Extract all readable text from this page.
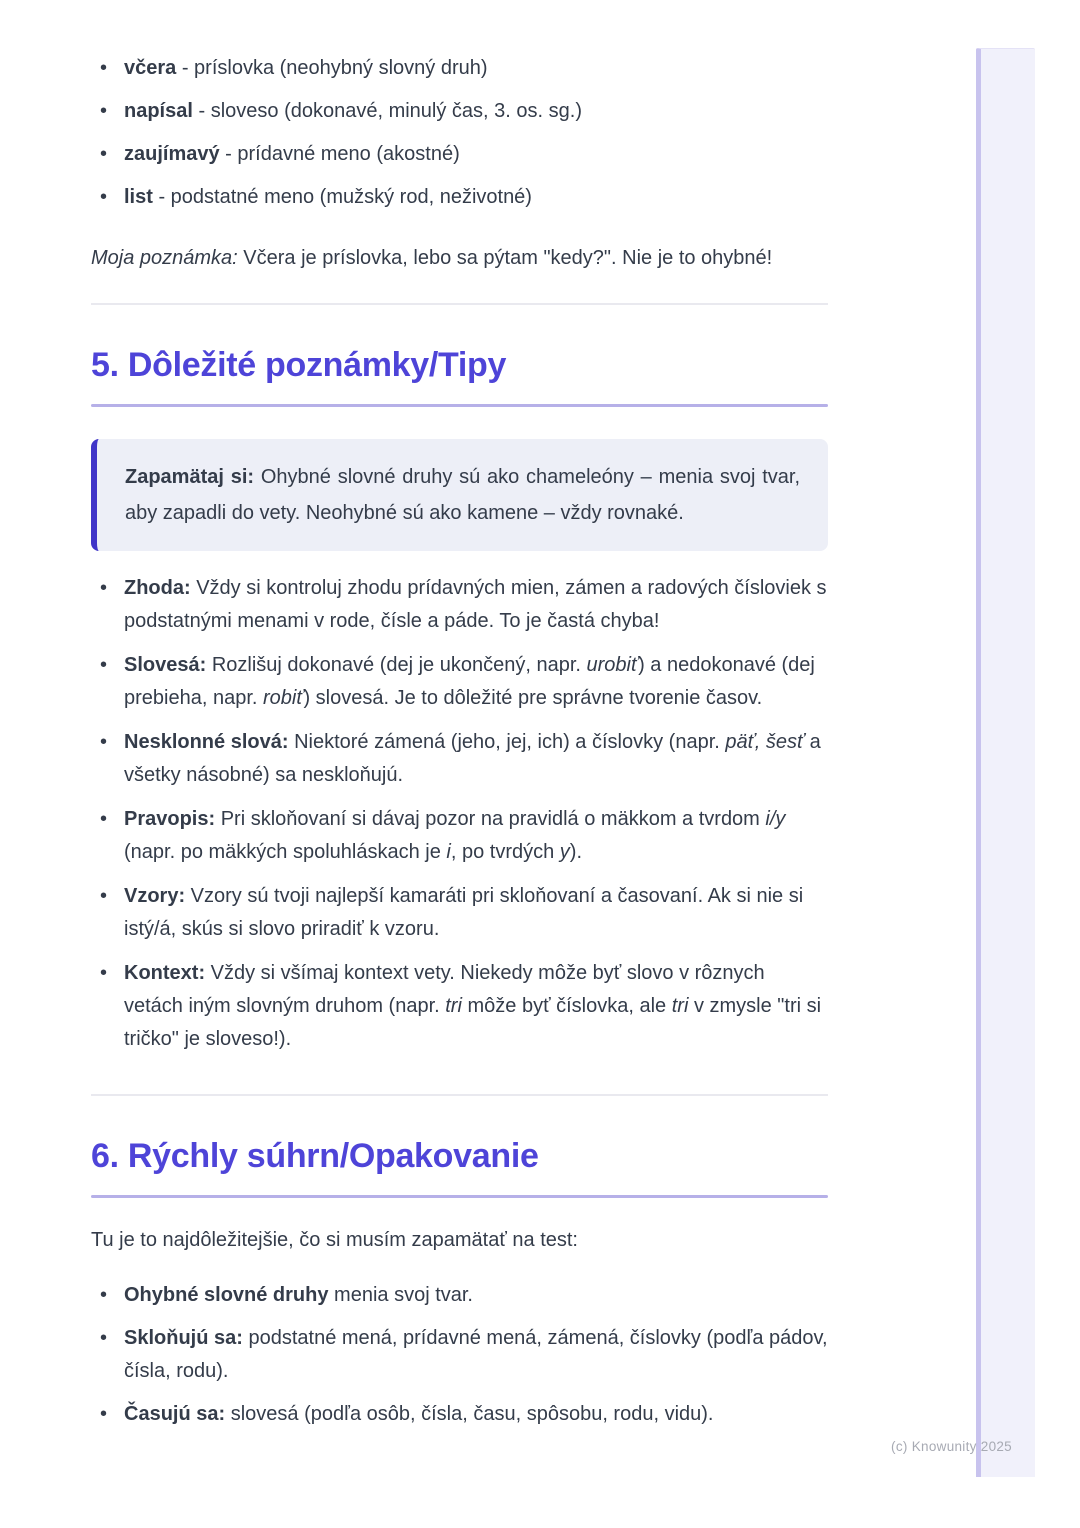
• včera - príslovka (neohybný slovný druh)
• napísal - sloveso (dokonavé, minulý čas, 3. os. sg.)
• zaujímavý - prídavné meno (akostné)
• list - podstatné meno (mužský rod, neživotné)

Moja poznámka: Včera je príslovka, lebo sa pýtam "kedy?". Nie je to ohybné!

5. Dôležité poznámky/Tipy

Zapamätaj si: Ohybné slovné druhy sú ako chameleóny – menia svoj tvar, aby zapadli do vety. Neohybné sú ako kamene – vždy rovnaké.

• Zhoda: Vždy si kontroluj zhodu prídavných mien, zámen a radových čísloviek s podstatnými menami v rode, čísle a páde. To je častá chyba!
• Slovesá: Rozlišuj dokonavé (dej je ukončený, napr. urobiť) a nedokonavé (dej prebieha, napr. robiť) slovesá. Je to dôležité pre správne tvorenie časov.
• Nesklonné slová: Niektoré zámená (jeho, jej, ich) a číslovky (napr. päť, šesť a všetky násobné) sa neskloňujú.
• Pravopis: Pri skloňovaní si dávaj pozor na pravidlá o mäkkom a tvrdom i/y (napr. po mäkkých spoluhláskach je i, po tvrdých y).
• Vzory: Vzory sú tvoji najlepší kamaráti pri skloňovaní a časovaní. Ak si nie si istý/á, skús si slovo priradiť k vzoru.
• Kontext: Vždy si všímaj kontext vety. Niekedy môže byť slovo v rôznych vetách iným slovným druhom (napr. tri môže byť číslovka, ale tri v zmysle "tri si tričko" je sloveso!).
6. Rýchly súhrn/Opakovanie

Tu je to najdôležitejšie, čo si musím zapamätať na test:

• Ohybné slovné druhy menia svoj tvar.
• Skloňujú sa: podstatné mená, prídavné mená, zámená, číslovky (podľa pádov, čísla, rodu).
• Časujú sa: slovesá (podľa osôb, čísla, času, spôsobu, rodu, vidu).
(c) Knowunity 2025
